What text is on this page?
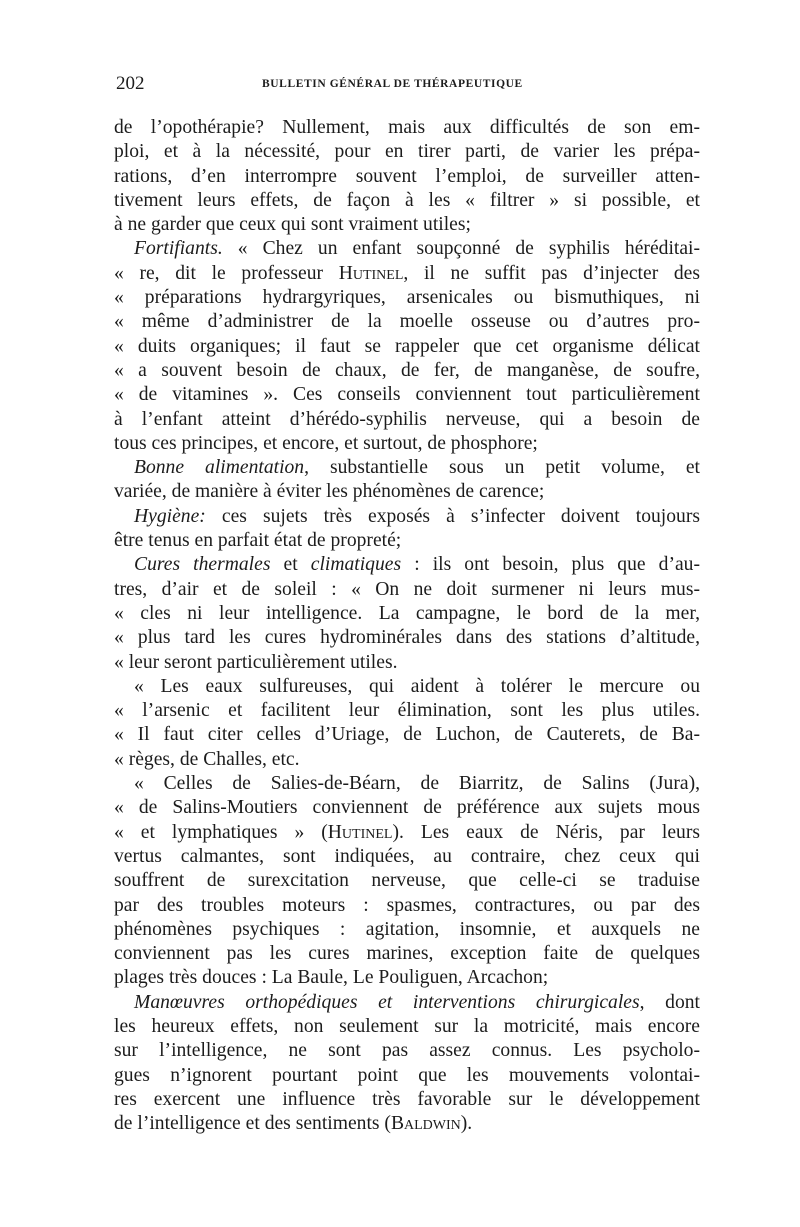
202	BULLETIN GÉNÉRAL DE THÉRAPEUTIQUE
de l’opothérapie? Nullement, mais aux difficultés de son em-
ploi, et à la nécessité, pour en tirer parti, de varier les prépa-
rations, d’en interrompre souvent l’emploi, de surveiller atten-
tivement leurs effets, de façon à les « filtrer » si possible, et
à ne garder que ceux qui sont vraiment utiles;
Fortifiants. « Chez un enfant soupçonné de syphilis héréditai-
« re, dit le professeur Hutinel, il ne suffit pas d’injecter des
« préparations hydrargyriques, arsenicales ou bismuthiques, ni
« même d’administrer de la moelle osseuse ou d’autres pro-
« duits organiques; il faut se rappeler que cet organisme délicat
« a souvent besoin de chaux, de fer, de manganèse, de soufre,
« de vitamines ». Ces conseils conviennent tout particulièrement
à l’enfant atteint d’hérédo-syphilis nerveuse, qui a besoin de
tous ces principes, et encore, et surtout, de phosphore;
Bonne alimentation, substantielle sous un petit volume, et
variée, de manière à éviter les phénomènes de carence;
Hygiène: ces sujets très exposés à s’infecter doivent toujours
être tenus en parfait état de propreté;
Cures thermales et climatiques : ils ont besoin, plus que d’au-
tres, d’air et de soleil : « On ne doit surmener ni leurs mus-
« cles ni leur intelligence. La campagne, le bord de la mer,
« plus tard les cures hydrominérales dans des stations d’altitude,
« leur seront particulièrement utiles.
« Les eaux sulfureuses, qui aident à tolérer le mercure ou
« l’arsenic et facilitent leur élimination, sont les plus utiles.
« Il faut citer celles d’Uriage, de Luchon, de Cauterets, de Ba-
« règes, de Challes, etc.
« Celles de Salies-de-Béarn, de Biarritz, de Salins (Jura),
« de Salins-Moutiers conviennent de préférence aux sujets mous
« et lymphatiques » (Hutinel). Les eaux de Néris, par leurs
vertus calmantes, sont indiquées, au contraire, chez ceux qui
souffrent de surexcitation nerveuse, que celle-ci se traduise
par des troubles moteurs : spasmes, contractures, ou par des
phénomènes psychiques : agitation, insomnie, et auxquels ne
conviennent pas les cures marines, exception faite de quelques
plages très douces : La Baule, Le Pouliguen, Arcachon;
Manœuvres orthopédiques et interventions chirurgicales, dont
les heureux effets, non seulement sur la motricité, mais encore
sur l’intelligence, ne sont pas assez connus. Les psycholo-
gues n’ignorent pourtant point que les mouvements volontai-
res exercent une influence très favorable sur le développement
de l’intelligence et des sentiments (Baldwin).
